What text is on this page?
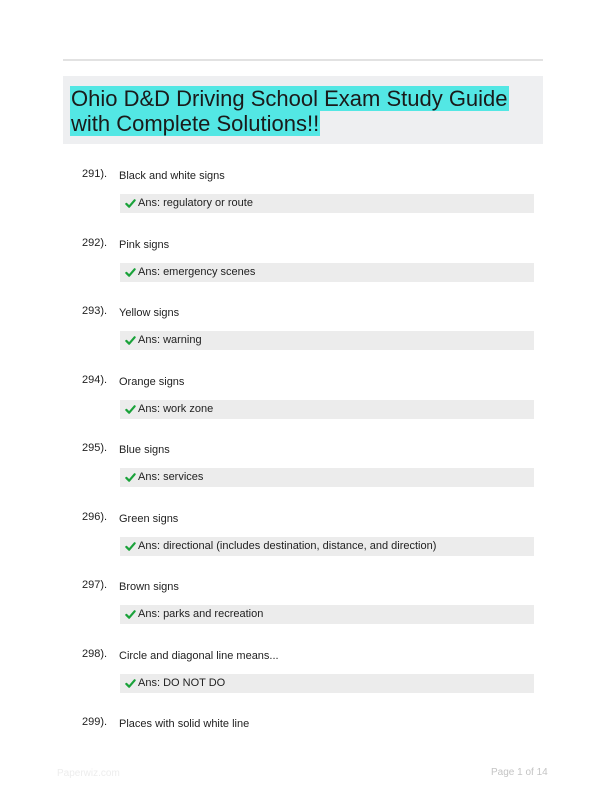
Ohio D&D Driving School Exam Study Guide with Complete Solutions!!
291). Black and white signs
Ans: regulatory or route
292). Pink signs
Ans: emergency scenes
293). Yellow signs
Ans: warning
294). Orange signs
Ans: work zone
295). Blue signs
Ans: services
296). Green signs
Ans: directional (includes destination, distance, and direction)
297). Brown signs
Ans: parks and recreation
298). Circle and diagonal line means...
Ans: DO NOT DO
299). Places with solid white line
Paperwiz.com	Page 1 of 14
